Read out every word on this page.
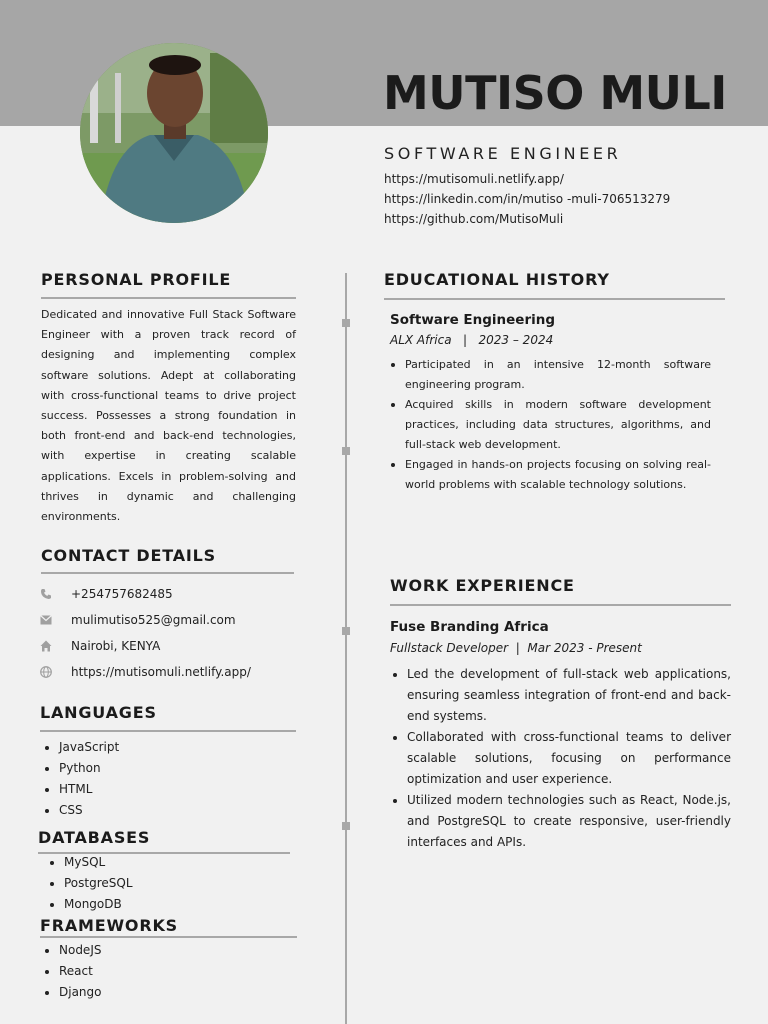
MUTISO MULI
SOFTWARE ENGINEER
https://mutisomuli.netlify.app/
https://linkedin.com/in/mutiso -muli-706513279
https://github.com/MutisoMuli
PERSONAL PROFILE
Dedicated and innovative Full Stack Software Engineer with a proven track record of designing and implementing complex software solutions. Adept at collaborating with cross-functional teams to drive project success. Possesses a strong foundation in both front-end and back-end technologies, with expertise in creating scalable applications. Excels in problem-solving and thrives in dynamic and challenging environments.
CONTACT DETAILS
+254757682485
mulimutiso525@gmail.com
Nairobi, KENYA
https://mutisomuli.netlify.app/
LANGUAGES
JavaScript
Python
HTML
CSS
DATABASES
MySQL
PostgreSQL
MongoDB
FRAMEWORKS
NodeJS
React
Django
EDUCATIONAL HISTORY
Software Engineering
ALX Africa   |   2023 – 2024
Participated in an intensive 12-month software engineering program.
Acquired skills in modern software development practices, including data structures, algorithms, and full-stack web development.
Engaged in hands-on projects focusing on solving real-world problems with scalable technology solutions.
WORK EXPERIENCE
Fuse Branding Africa
Fullstack Developer  |  Mar 2023 - Present
Led the development of full-stack web applications, ensuring seamless integration of front-end and back-end systems.
Collaborated with cross-functional teams to deliver scalable solutions, focusing on performance optimization and user experience.
Utilized modern technologies such as React, Node.js, and PostgreSQL to create responsive, user-friendly interfaces and APIs.
